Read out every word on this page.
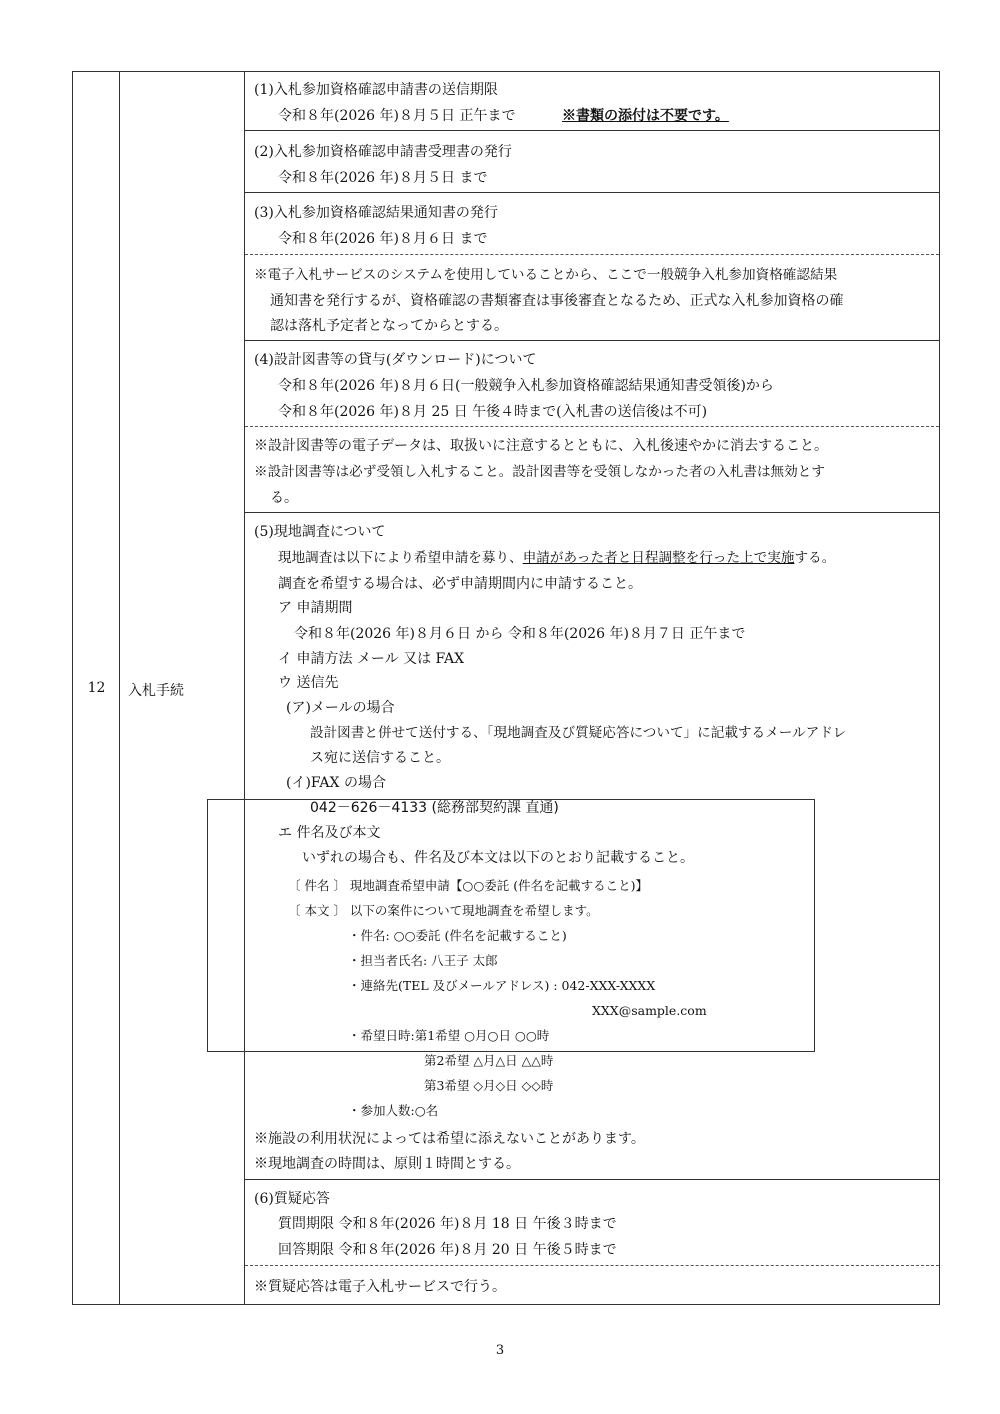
12	入札手続
(1)入札参加資格確認申請書の送信期限
令和８年(2026 年)８月５日 正午まで	※書類の添付は不要です。
(2)入札参加資格確認申請書受理書の発行
令和８年(2026 年)８月５日 まで
(3)入札参加資格確認結果通知書の発行
令和８年(2026 年)８月６日 まで
※電子入札サービスのシステムを使用していることから、ここで一般競争入札参加資格確認結果
通知書を発行するが、資格確認の書類審査は事後審査となるため、正式な入札参加資格の確
認は落札予定者となってからとする。
(4)設計図書等の貸与(ダウンロード)について
令和８年(2026 年)８月６日(一般競争入札参加資格確認結果通知書受領後)から
令和８年(2026 年)８月 25 日 午後４時まで(入札書の送信後は不可)
※設計図書等の電子データは、取扱いに注意するとともに、入札後速やかに消去すること。
※設計図書等は必ず受領し入札すること。設計図書等を受領しなかった者の入札書は無効とす
る。
(5)現地調査について
現地調査は以下により希望申請を募り、申請があった者と日程調整を行った上で実施する。
調査を希望する場合は、必ず申請期間内に申請すること。
ア 申請期間
令和８年(2026 年)８月６日 から 令和８年(2026 年)８月７日 正午まで
イ 申請方法 メール 又は FAX
ウ 送信先
(ア)メールの場合
設計図書と併せて送付する、「現地調査及び質疑応答について」に記載するメールアドレ
ス宛に送信すること。
(イ)FAX の場合
042－626－4133 (総務部契約課 直通)
エ 件名及び本文
いずれの場合も、件名及び本文は以下のとおり記載すること。
〔 件名 〕 現地調査希望申請【○○委託 (件名を記載すること)】
〔 本文 〕 以下の案件について現地調査を希望します。
・件名: ○○委託 (件名を記載すること)
・担当者氏名: 八王子 太郎
・連絡先(TEL 及びメールアドレス) : 042-XXX-XXXX
XXX@sample.com
・希望日時:第1希望 ○月○日 ○○時
第2希望 △月△日 △△時
第3希望 ◇月◇日 ◇◇時
・参加人数:○名
※施設の利用状況によっては希望に添えないことがあります。
※現地調査の時間は、原則１時間とする。
(6)質疑応答
質問期限 令和８年(2026 年)８月 18 日 午後３時まで
回答期限 令和８年(2026 年)８月 20 日 午後５時まで
※質疑応答は電子入札サービスで行う。
3
